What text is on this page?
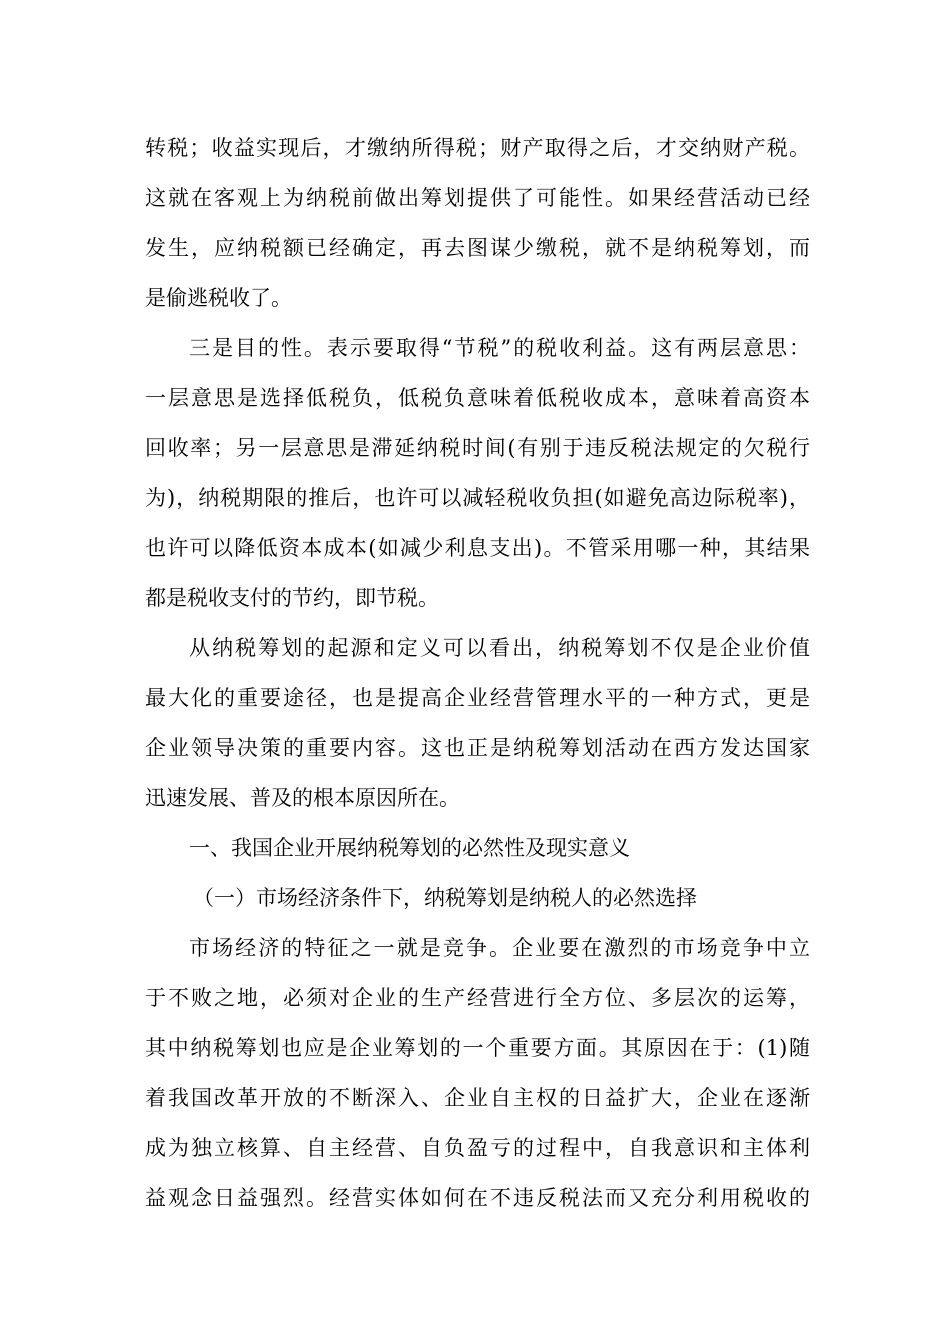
转税；收益实现后，才缴纳所得税；财产取得之后，才交纳财产税。
这就在客观上为纳税前做出筹划提供了可能性。如果经营活动已经
发生，应纳税额已经确定，再去图谋少缴税，就不是纳税筹划，而
是偷逃税收了。
三是目的性。表示要取得“节税”的税收利益。这有两层意思：
一层意思是选择低税负，低税负意味着低税收成本，意味着高资本
回收率；另一层意思是滞延纳税时间(有别于违反税法规定的欠税行
为)，纳税期限的推后，也许可以减轻税收负担(如避免高边际税率)，
也许可以降低资本成本(如减少利息支出)。不管采用哪一种，其结果
都是税收支付的节约，即节税。
从纳税筹划的起源和定义可以看出，纳税筹划不仅是企业价值
最大化的重要途径，也是提高企业经营管理水平的一种方式，更是
企业领导决策的重要内容。这也正是纳税筹划活动在西方发达国家
迅速发展、普及的根本原因所在。
一、我国企业开展纳税筹划的必然性及现实意义
（一）市场经济条件下，纳税筹划是纳税人的必然选择
市场经济的特征之一就是竞争。企业要在激烈的市场竞争中立
于不败之地，必须对企业的生产经营进行全方位、多层次的运筹，
其中纳税筹划也应是企业筹划的一个重要方面。其原因在于：(1)随
着我国改革开放的不断深入、企业自主权的日益扩大，企业在逐渐
成为独立核算、自主经营、自负盈亏的过程中，自我意识和主体利
益观念日益强烈。经营实体如何在不违反税法而又充分利用税收的
